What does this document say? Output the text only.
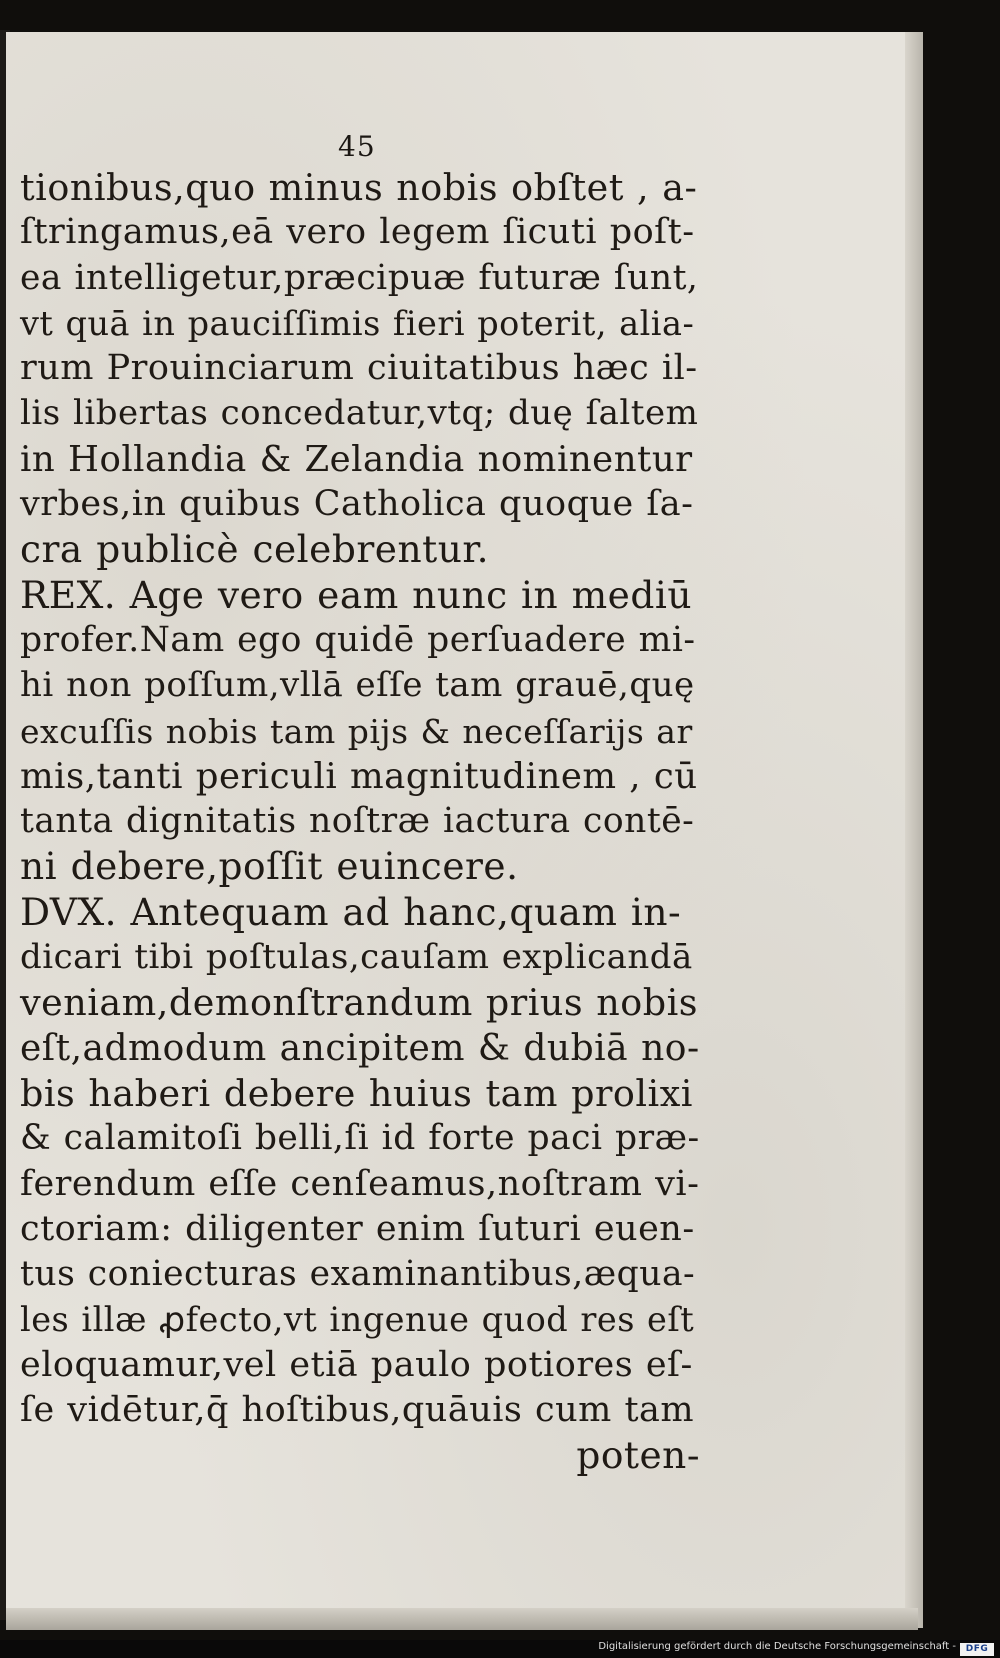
45
tionibus,quo minus nobis obſtet , a-
ſtringamus,eā vero legem ſicuti poſt-
ea intelligetur,præcipuæ futuræ ſunt,
vt quā in pauciſſimis fieri poterit, alia-
rum Prouinciarum ciuitatibus hæc il-
lis libertas concedatur,vtq; duę ſaltem
in Hollandia & Zelandia nominentur
vrbes,in quibus Catholica quoque ſa-
cra publicè celebrentur.
REX. Age vero eam nunc in mediū
profer.Nam ego quidē perſuadere mi-
hi non poſſum,vllā eſſe tam grauē,quę
excuſſis nobis tam pijs & neceſſarijs ar
mis,tanti periculi magnitudinem , cū
tanta dignitatis noſtræ iactura contē-
ni debere,poſſit euincere.
DVX. Antequam ad hanc,quam in-
dicari tibi poſtulas,cauſam explicandā
veniam,demonſtrandum prius nobis
eſt,admodum ancipitem & dubiā no-
bis haberi debere huius tam prolixi
& calamitoſi belli,ſi id forte paci præ-
ferendum eſſe cenſeamus,noſtram vi-
ctoriam: diligenter enim ſuturi euen-
tus coniecturas examinantibus,æqua-
les illæ ꝓfecto,vt ingenue quod res eſt
eloquamur,vel etiā paulo potiores eſ-
ſe vidētur,q̄ hoſtibus,quāuis cum tam
poten-
Digitalisierung gefördert durch die Deutsche Forschungsgemeinschaft -	DFG
